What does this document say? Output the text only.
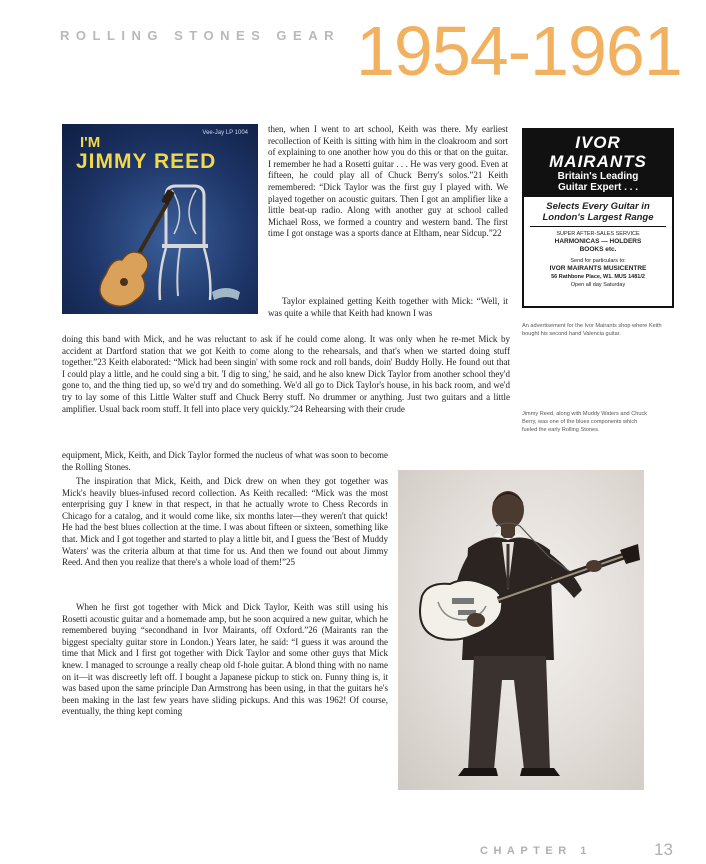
ROLLING STONES GEAR 1954-1961
Vee-Jay LP 1004
I'M
JIMMY REED
IVOR
MAIRANTS
Britain's Leading
Guitar Expert . . .
Selects Every Guitar in
London's Largest Range
SUPER AFTER-SALES SERVICE
HARMONICAS — HOLDERS
BOOKS etc.
Send for particulars to:
IVOR MAIRANTS MUSICENTRE
56 Rathbone Place, W1. MUS 1481/2
Open all day Saturday
An advertisement for the Ivor Mairants shop where Keith bought his second hand Valencia guitar.
Jimmy Reed, along with Muddy Waters and Chuck Berry, was one of the blues components which fueled the early Rolling Stones.

then, when I went to art school, Keith was there. My earliest recollection of Keith is sitting with him in the cloakroom and sort of explaining to one another how you do this or that on the guitar. I remember he had a Rosetti guitar . . . He was very good. Even at fifteen, he could play all of Chuck Berry's solos.”21 Keith remembered: “Dick Taylor was the first guy I played with. We played together on acoustic guitars. Then I got an amplifier like a little beat-up radio. Along with another guy at school called Michael Ross, we formed a country and western band. The first time I got onstage was a sports dance at Eltham, near Sidcup.”22

Taylor explained getting Keith together with Mick: “Well, it was quite a while that Keith had known I was

doing this band with Mick, and he was reluctant to ask if he could come along. It was only when he re-met Mick by accident at Dartford station that we got Keith to come along to the rehearsals, and that's when we started doing stuff together.”23 Keith elaborated: “Mick had been singin' with some rock and roll bands, doin' Buddy Holly. He found out that I could play a little, and he could sing a bit. 'I dig to sing,' he said, and he also knew Dick Taylor from another school they'd gone to, and the thing tied up, so we'd try and do something. We'd all go to Dick Taylor's house, in his back room, and we'd try to lay some of this Little Walter stuff and Chuck Berry stuff. No drummer or anything. Just two guitars and a little amplifier. Usual back room stuff. It fell into place very quickly.”24 Rehearsing with their crude

equipment, Mick, Keith, and Dick Taylor formed the nucleus of what was soon to become the Rolling Stones.

The inspiration that Mick, Keith, and Dick drew on when they got together was Mick's heavily blues-infused record collection. As Keith recalled: “Mick was the most enterprising guy I knew in that respect, in that he actually wrote to Chess Records in Chicago for a catalog, and it would come like, six months later—they weren't that quick! He had the best blues collection at the time. I was about fifteen or sixteen, something like that. Mick and I got together and started to play a little bit, and I guess the 'Best of Muddy Waters' was the criteria album at that time for us. And then we found out about Jimmy Reed. And then you realize that there's a whole load of them!”25

When he first got together with Mick and Dick Taylor, Keith was still using his Rosetti acoustic guitar and a homemade amp, but he soon acquired a new guitar, which he remembered buying “secondhand in Ivor Mairants, off Oxford.”26 (Mairants ran the biggest specialty guitar store in London.) Years later, he said: “I guess it was around the time that Mick and I first got together with Dick Taylor and some other guys that Mick knew. I managed to scrounge a really cheap old f-hole guitar. A blond thing with no name on it—it was discreetly left off. I bought a Japanese pickup to stick on. Funny thing is, it was based upon the same principle Dan Armstrong has been using, in that the guitars he's been making in the last few years have sliding pickups. And this was 1962! Of course, eventually, the thing kept coming

CHAPTER 1	13
